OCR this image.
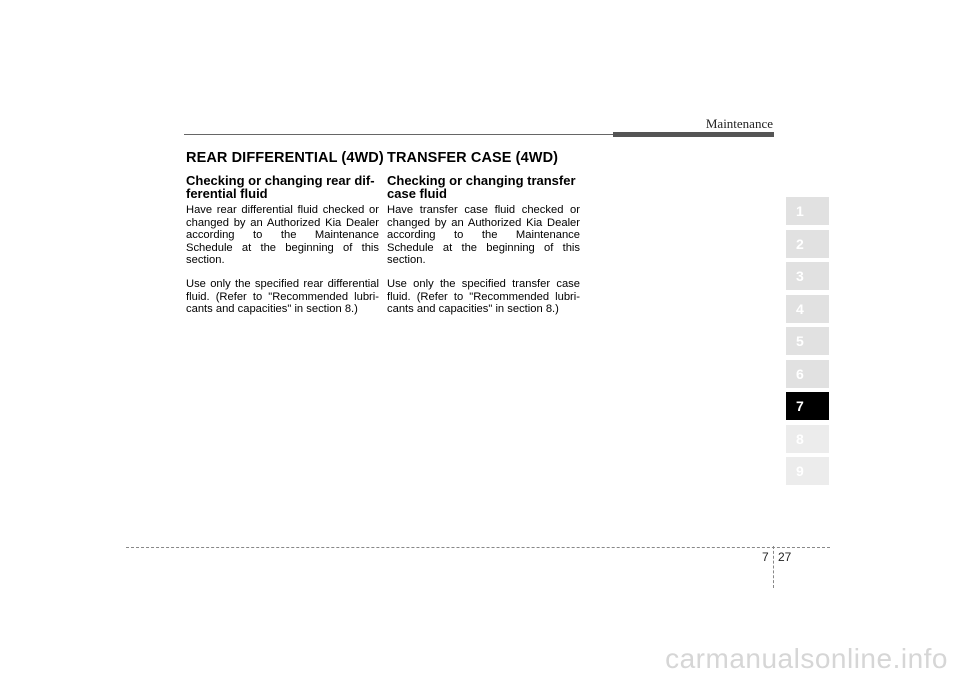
Maintenance
REAR DIFFERENTIAL (4WD)
Checking or changing rear dif-ferential fluid

Have rear differential fluid checked or changed by an Authorized Kia Dealer according to the Maintenance Schedule at the beginning of this section.

Use only the specified rear differential fluid. (Refer to "Recommended lubri-cants and capacities" in section 8.)

TRANSFER CASE (4WD)
Checking or changing transfer case fluid

Have transfer case fluid checked or changed by an Authorized Kia Dealer according to the Maintenance Schedule at the beginning of this section.

Use only the specified transfer case fluid. (Refer to "Recommended lubri-cants and capacities" in section 8.)

1
2
3
4
5
6
7
8
9
7 27
carmanualsonline.info
